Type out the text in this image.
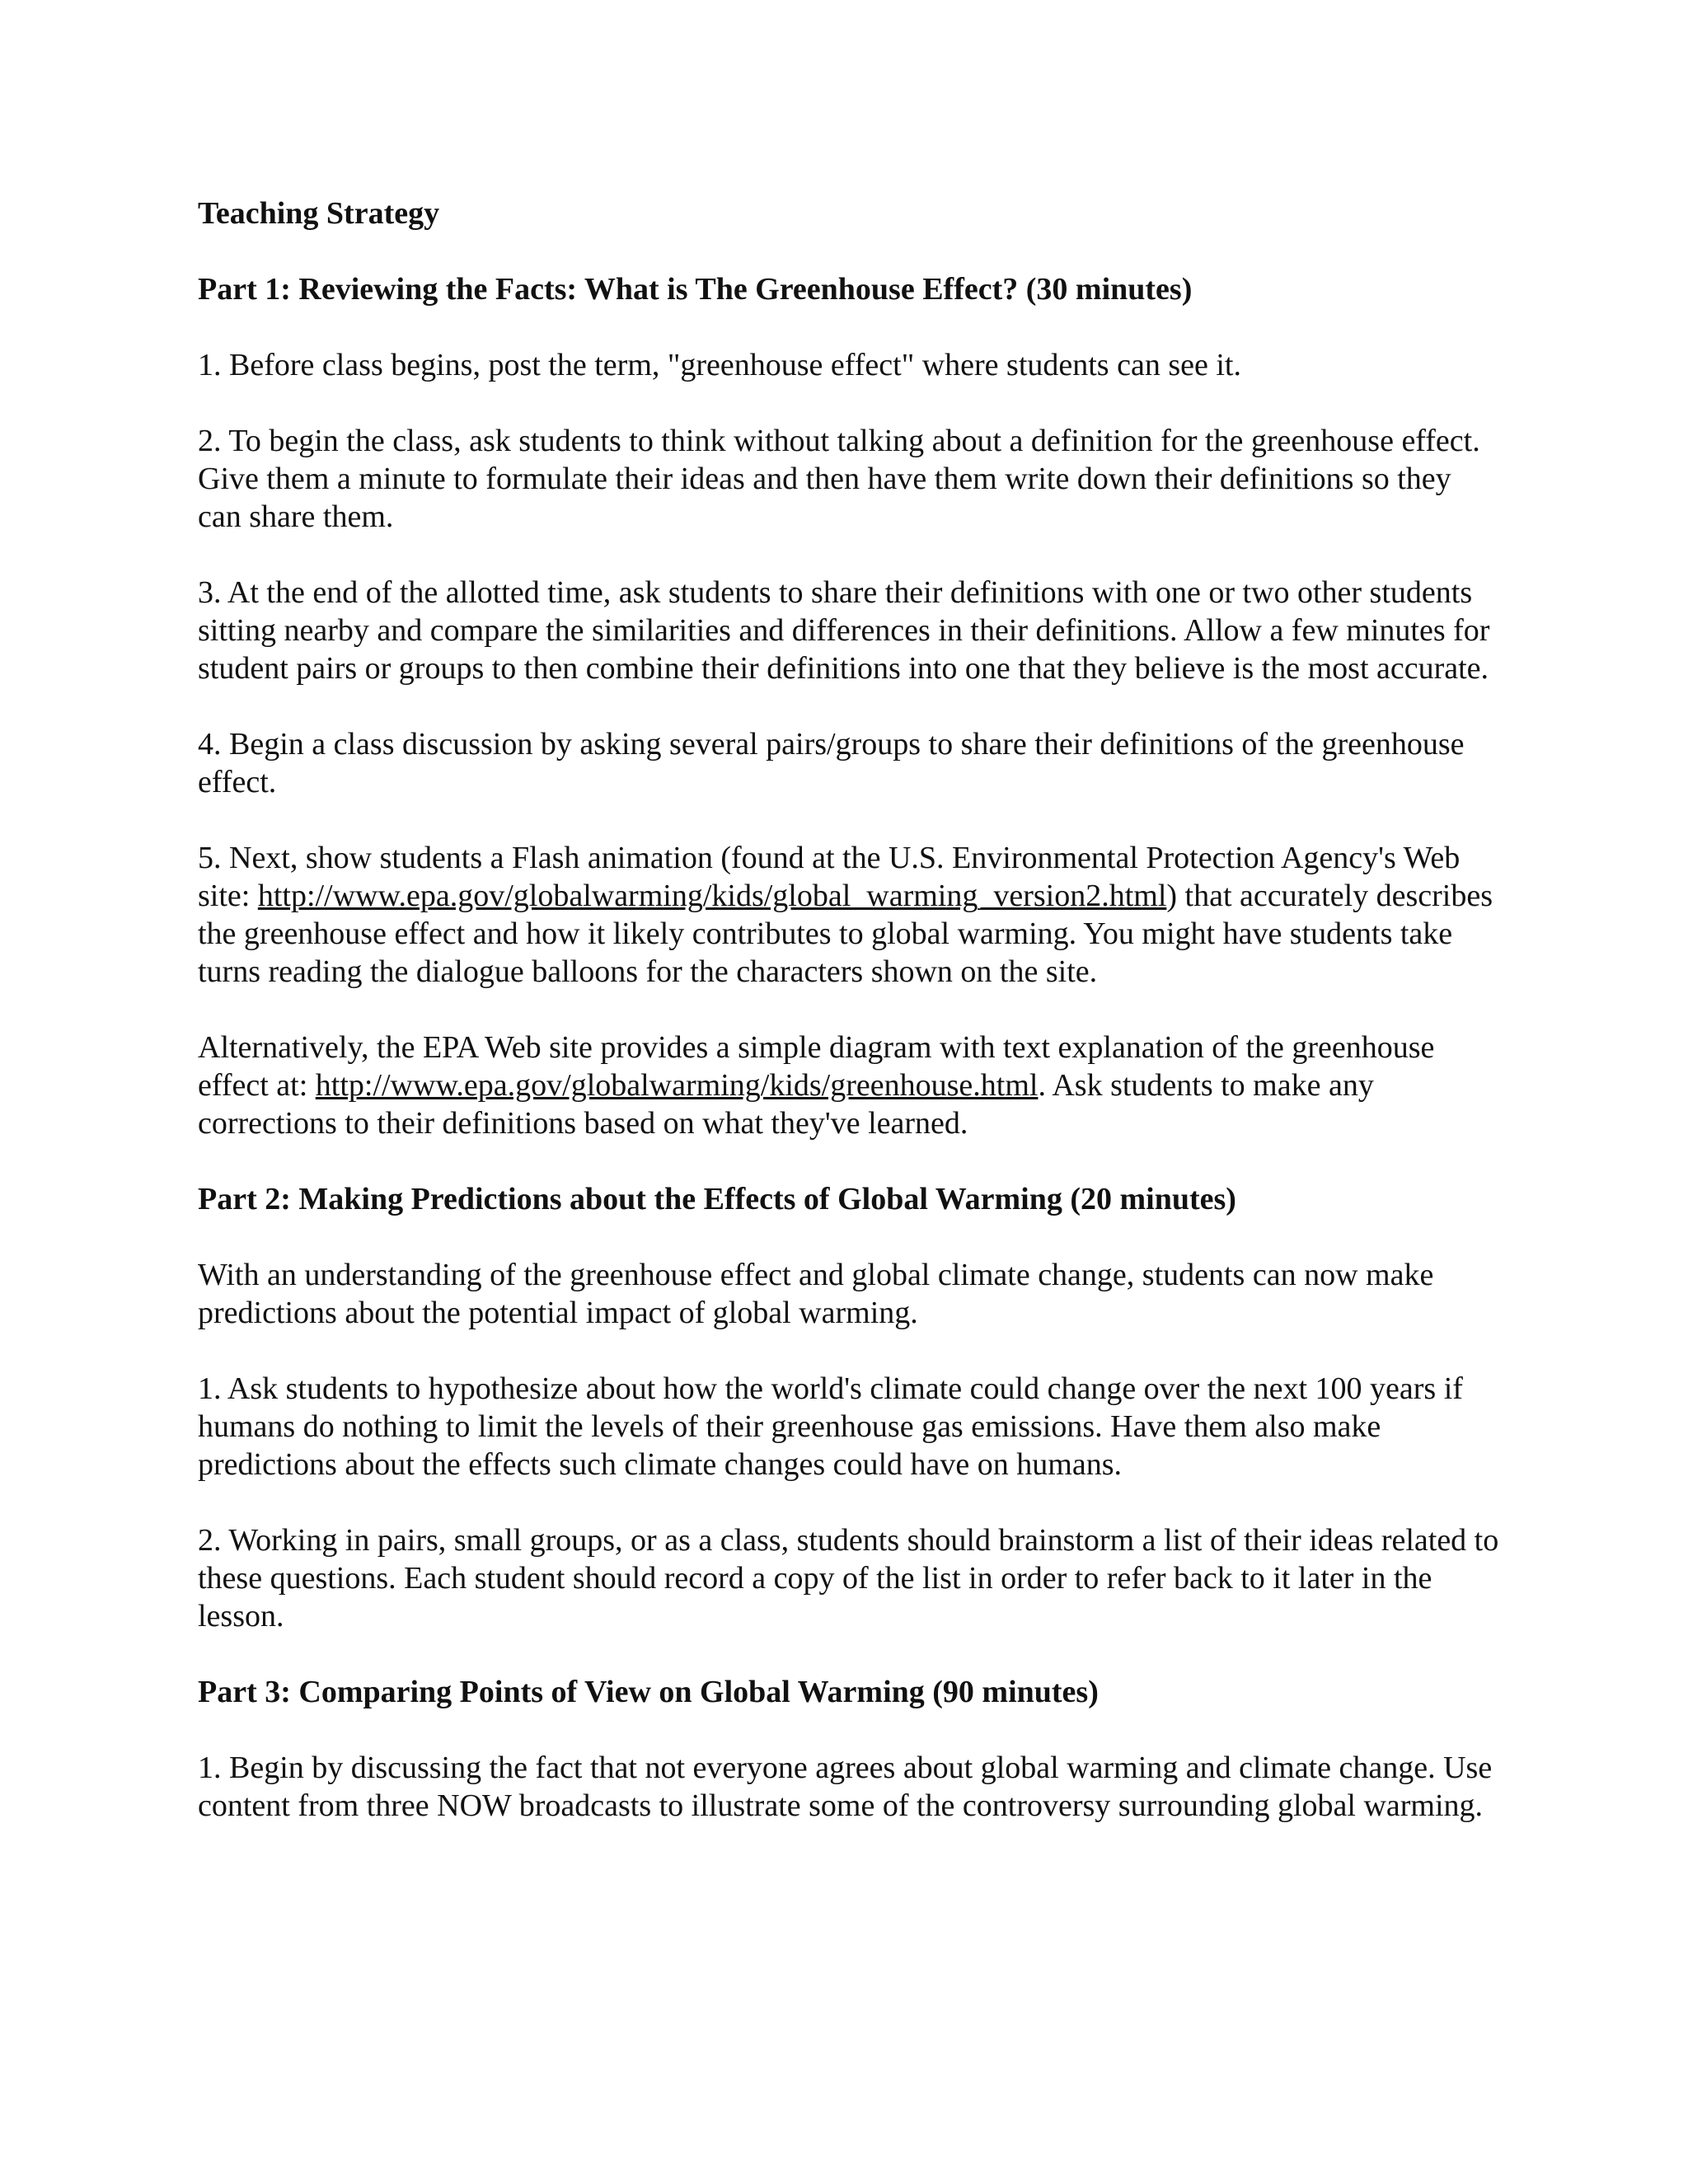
Teaching Strategy
Part 1: Reviewing the Facts: What is The Greenhouse Effect? (30 minutes)
1. Before class begins, post the term, "greenhouse effect" where students can see it.
2. To begin the class, ask students to think without talking about a definition for the greenhouse effect. Give them a minute to formulate their ideas and then have them write down their definitions so they can share them.
3. At the end of the allotted time, ask students to share their definitions with one or two other students sitting nearby and compare the similarities and differences in their definitions. Allow a few minutes for student pairs or groups to then combine their definitions into one that they believe is the most accurate.
4. Begin a class discussion by asking several pairs/groups to share their definitions of the greenhouse effect.
5. Next, show students a Flash animation (found at the U.S. Environmental Protection Agency's Web site: http://www.epa.gov/globalwarming/kids/global_warming_version2.html) that accurately describes the greenhouse effect and how it likely contributes to global warming. You might have students take turns reading the dialogue balloons for the characters shown on the site.
Alternatively, the EPA Web site provides a simple diagram with text explanation of the greenhouse effect at: http://www.epa.gov/globalwarming/kids/greenhouse.html. Ask students to make any corrections to their definitions based on what they've learned.
Part 2: Making Predictions about the Effects of Global Warming (20 minutes)
With an understanding of the greenhouse effect and global climate change, students can now make predictions about the potential impact of global warming.
1. Ask students to hypothesize about how the world's climate could change over the next 100 years if humans do nothing to limit the levels of their greenhouse gas emissions. Have them also make predictions about the effects such climate changes could have on humans.
2. Working in pairs, small groups, or as a class, students should brainstorm a list of their ideas related to these questions. Each student should record a copy of the list in order to refer back to it later in the lesson.
Part 3: Comparing Points of View on Global Warming (90 minutes)
1. Begin by discussing the fact that not everyone agrees about global warming and climate change. Use content from three NOW broadcasts to illustrate some of the controversy surrounding global warming.
